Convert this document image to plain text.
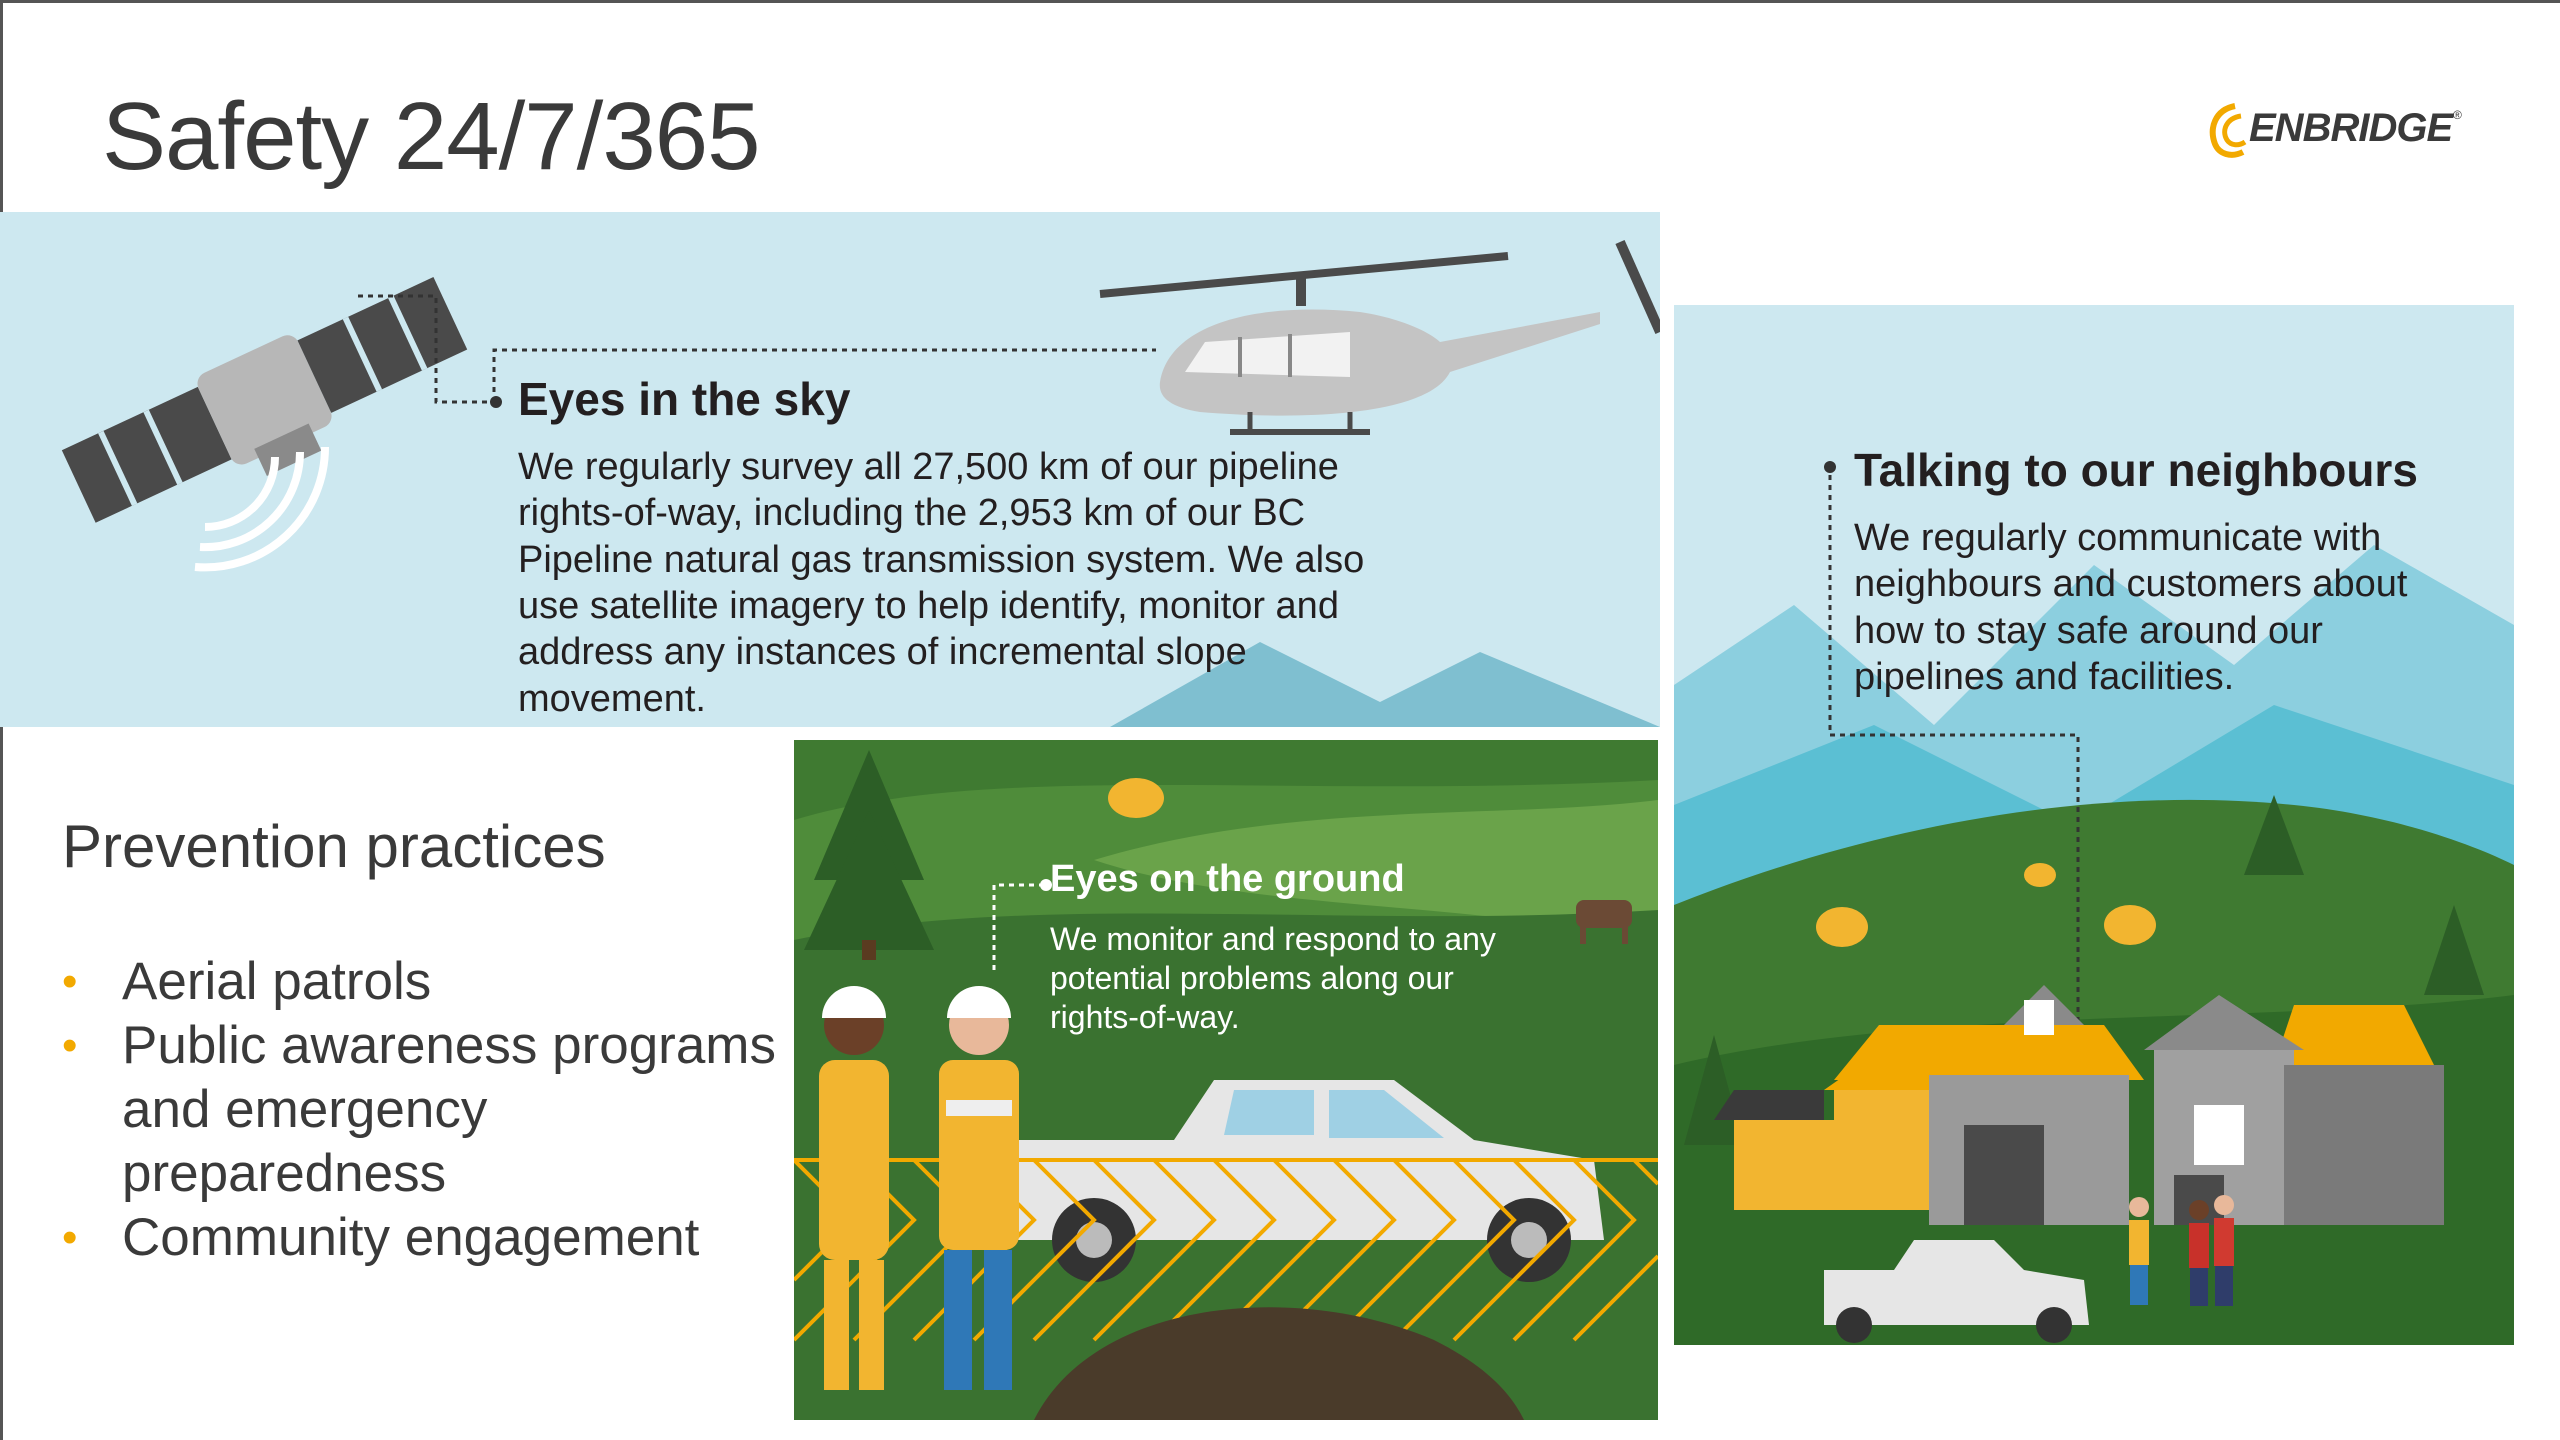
Safety 24/7/365	ENBRIDGE ®
Eyes in the sky
We regularly survey all 27,500 km of our pipeline rights-of-way, including the 2,953 km of our BC Pipeline natural gas transmission system. We also use satellite imagery to help identify, monitor and address any instances of incremental slope movement.
Eyes on the ground
We monitor and respond to any potential problems along our rights-of-way.
Talking to our neighbours
We regularly communicate with neighbours and customers about how to stay safe around our pipelines and facilities.
Prevention practices
• Aerial patrols
• Public awareness programs and emergency preparedness
• Community engagement
